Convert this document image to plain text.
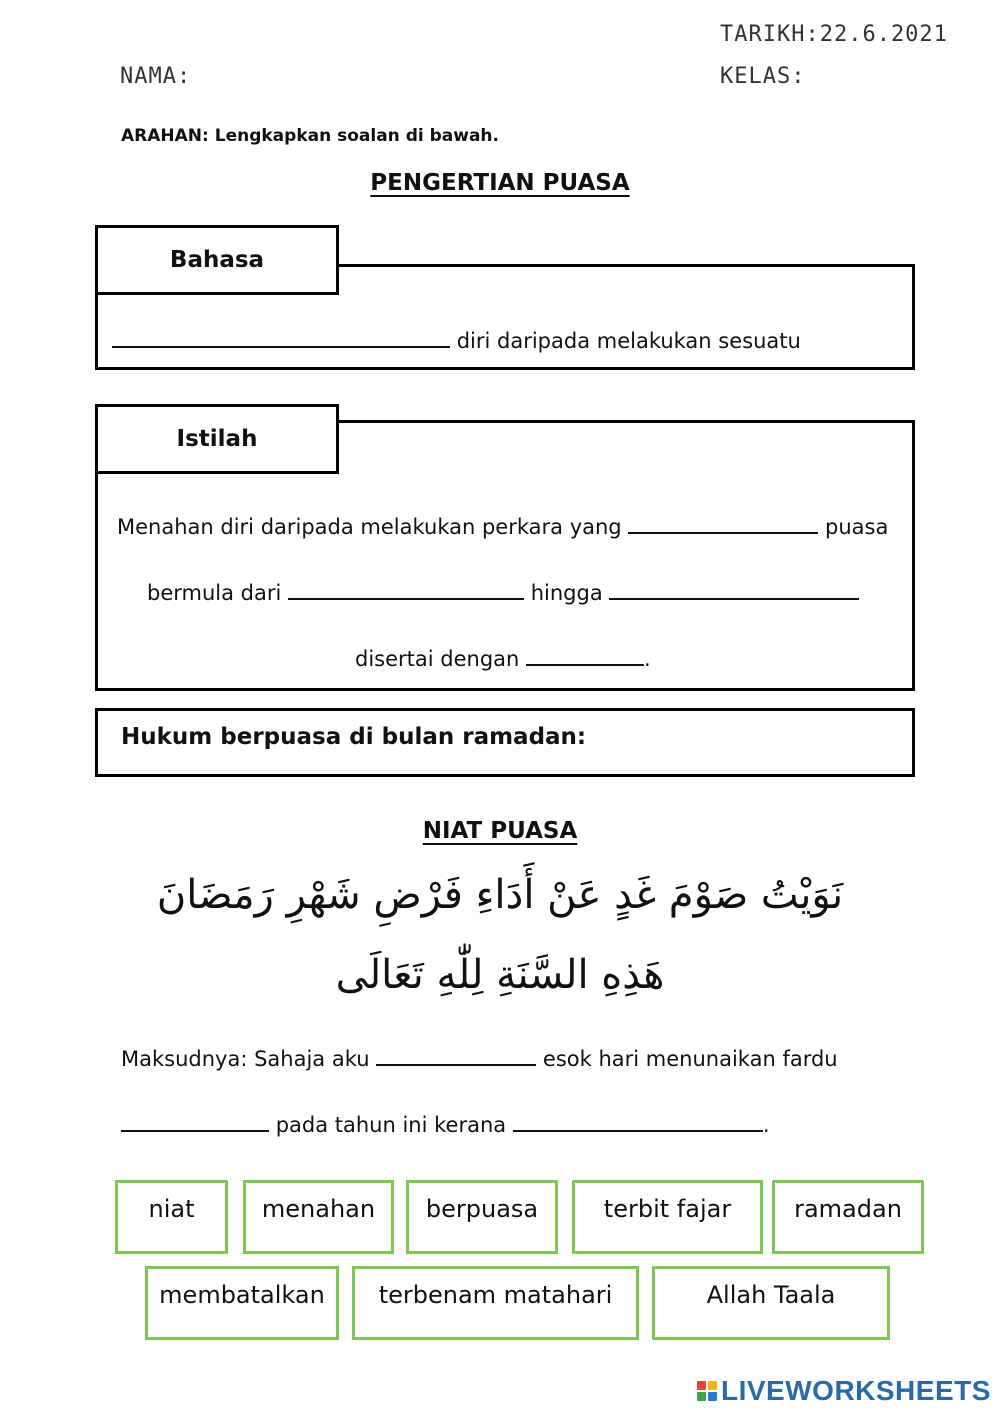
TARIKH:22.6.2021
NAMA:	KELAS:
ARAHAN: Lengkapkan soalan di bawah.
PENGERTIAN PUASA
Bahasa
diri daripada melakukan sesuatu
Istilah
Menahan diri daripada melakukan perkara yang	puasa
bermula dari	hingga
disertai dengan	.
Hukum berpuasa di bulan ramadan:
NIAT PUASA
نَوَيْتُ صَوْمَ غَدٍ عَنْ أَدَاءِ فَرْضِ شَهْرِ رَمَضَانَ
هَذِهِ السَّنَةِ لِلّٰهِ تَعَالَى
Maksudnya: Sahaja aku	esok hari menunaikan fardu
pada tahun ini kerana	.
niat	menahan	berpuasa	terbit fajar	ramadan
membatalkan	terbenam matahari	Allah Taala
LIVEWORKSHEETS
